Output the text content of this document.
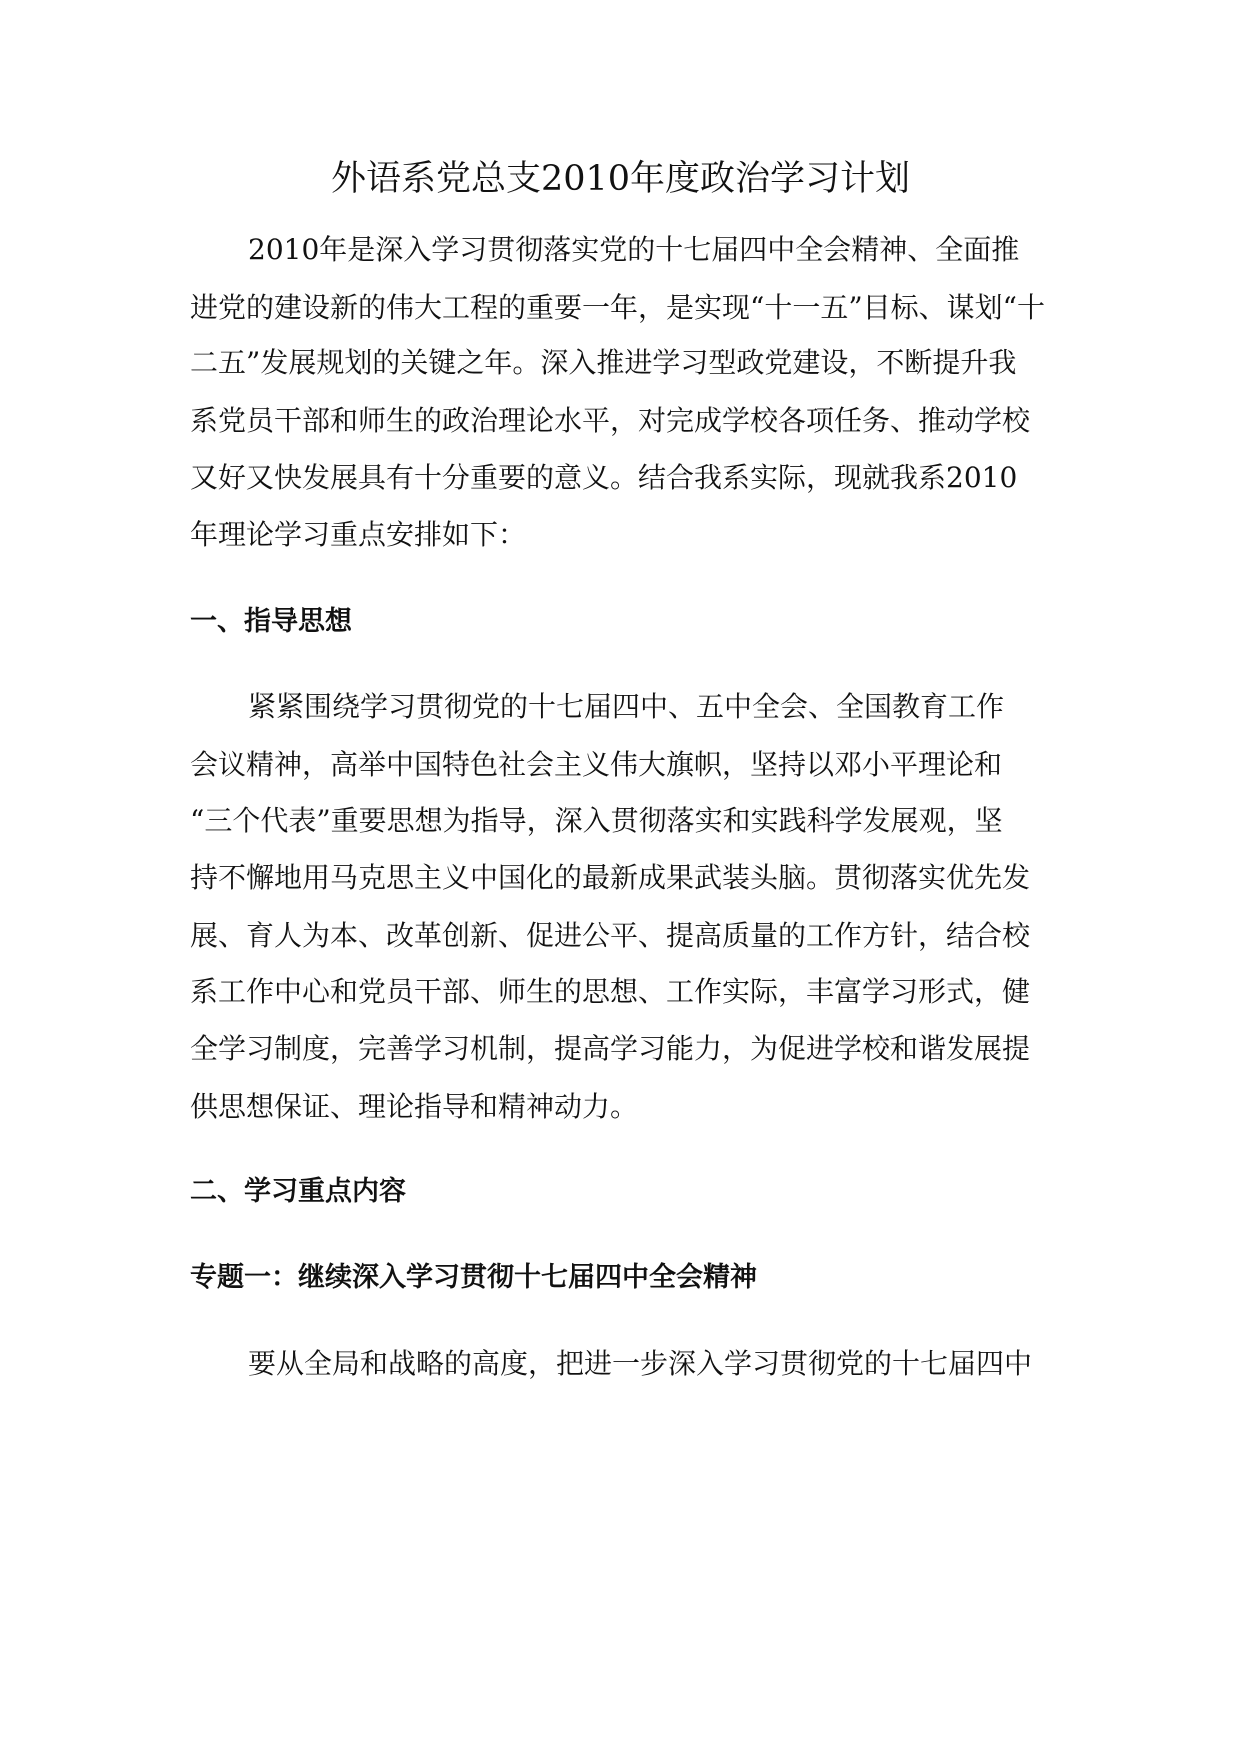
外语系党总支2010年度政治学习计划
2010年是深入学习贯彻落实党的十七届四中全会精神、全面推
进党的建设新的伟大工程的重要一年，是实现“十一五”目标、谋划“十
二五”发展规划的关键之年。深入推进学习型政党建设，不断提升我
系党员干部和师生的政治理论水平，对完成学校各项任务、推动学校
又好又快发展具有十分重要的意义。结合我系实际，现就我系2010
年理论学习重点安排如下：
一、指导思想
紧紧围绕学习贯彻党的十七届四中、五中全会、全国教育工作
会议精神，高举中国特色社会主义伟大旗帜，坚持以邓小平理论和
“三个代表”重要思想为指导，深入贯彻落实和实践科学发展观，坚
持不懈地用马克思主义中国化的最新成果武装头脑。贯彻落实优先发
展、育人为本、改革创新、促进公平、提高质量的工作方针，结合校
系工作中心和党员干部、师生的思想、工作实际，丰富学习形式，健
全学习制度，完善学习机制，提高学习能力，为促进学校和谐发展提
供思想保证、理论指导和精神动力。
二、学习重点内容
专题一：继续深入学习贯彻十七届四中全会精神
要从全局和战略的高度，把进一步深入学习贯彻党的十七届四中
